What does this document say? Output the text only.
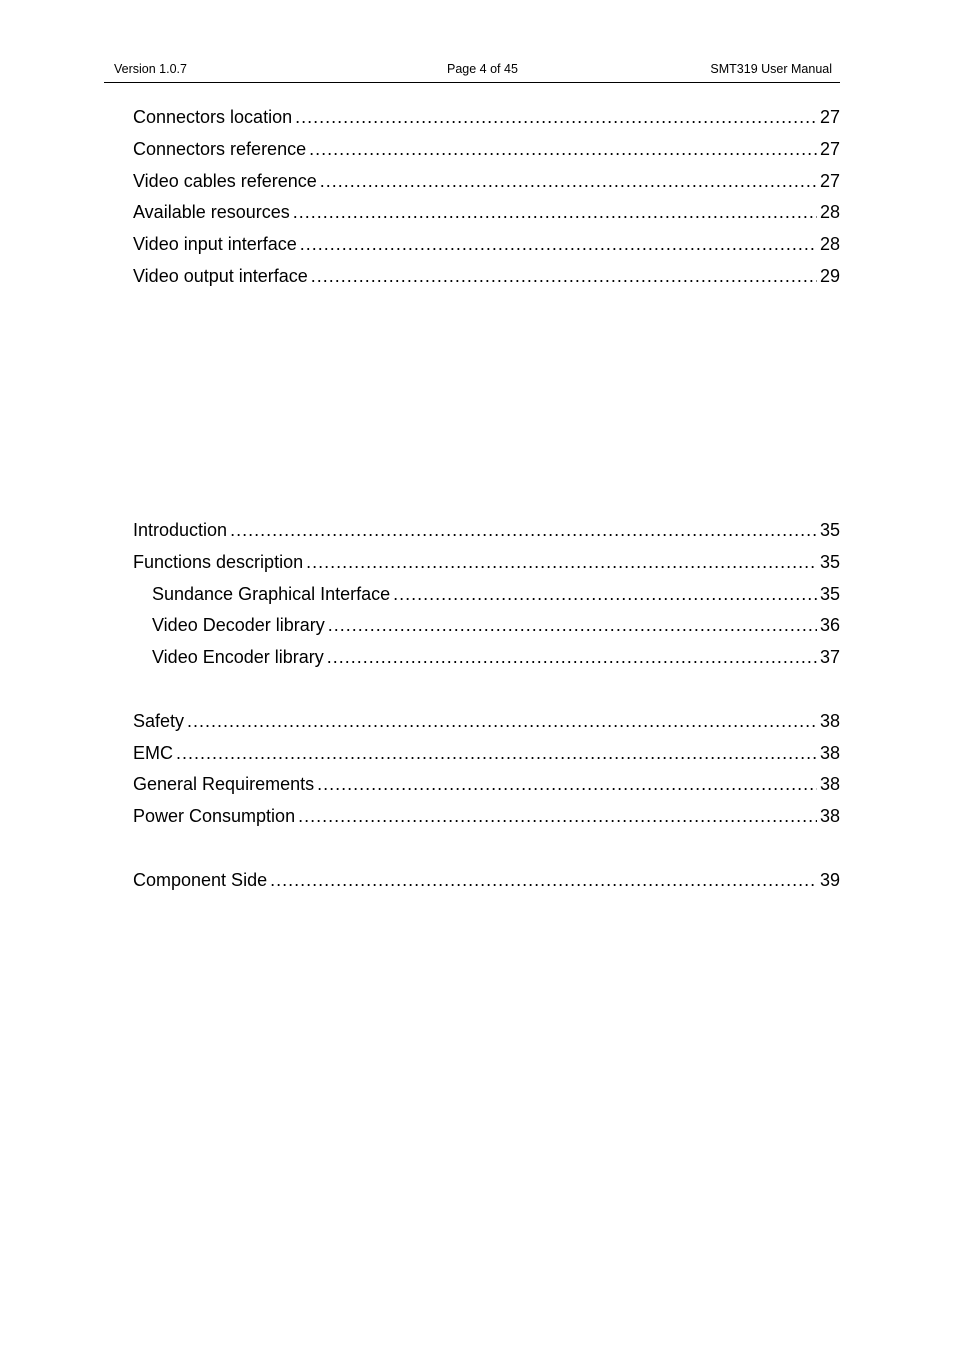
Version 1.0.7	Page 4 of 45	SMT319 User Manual
Connectors location .....	27
Connectors reference .....	27
Video cables reference .....	27
Available resources .....	28
Video input interface .....	28
Video output interface .....	29
Introduction .....	35
Functions description .....	35
Sundance Graphical Interface .....	35
Video Decoder library .....	36
Video Encoder library .....	37
Safety .....	38
EMC .....	38
General Requirements .....	38
Power Consumption .....	38
Component Side .....	39
